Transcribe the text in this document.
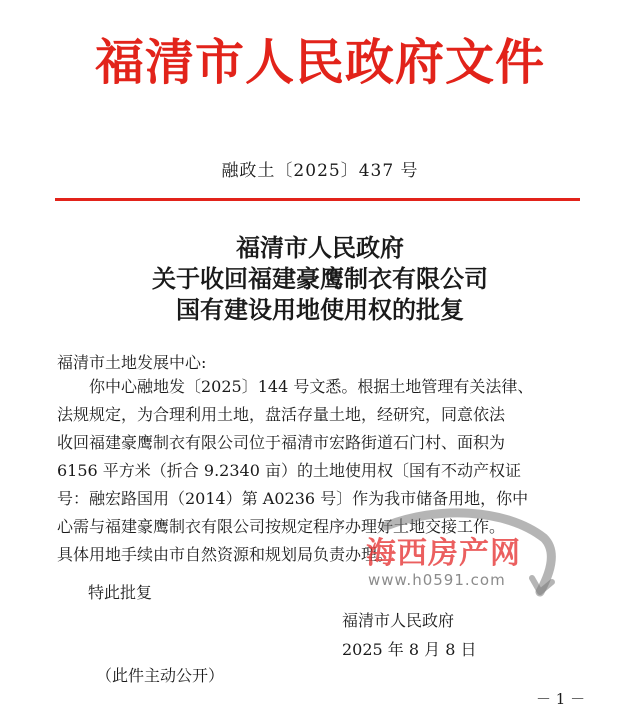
福清市人民政府文件
融政土〔2025〕437 号
福清市人民政府
关于收回福建豪鹰制衣有限公司
国有建设用地使用权的批复
福清市土地发展中心:
　　你中心融地发〔2025〕144 号文悉。根据土地管理有关法律、
法规规定，为合理利用土地，盘活存量土地，经研究，同意依法
收回福建豪鹰制衣有限公司位于福清市宏路街道石门村、面积为
6156 平方米（折合 9.2340 亩）的土地使用权〔国有不动产权证
号：融宏路国用（2014）第 A0236 号〕作为我市储备用地，你中
心需与福建豪鹰制衣有限公司按规定程序办理好土地交接工作。
具体用地手续由市自然资源和规划局负责办理。
特此批复
福清市人民政府
2025 年 8 月 8 日
（此件主动公开）
－ 1 －
海西房产网
www.h0591.com
